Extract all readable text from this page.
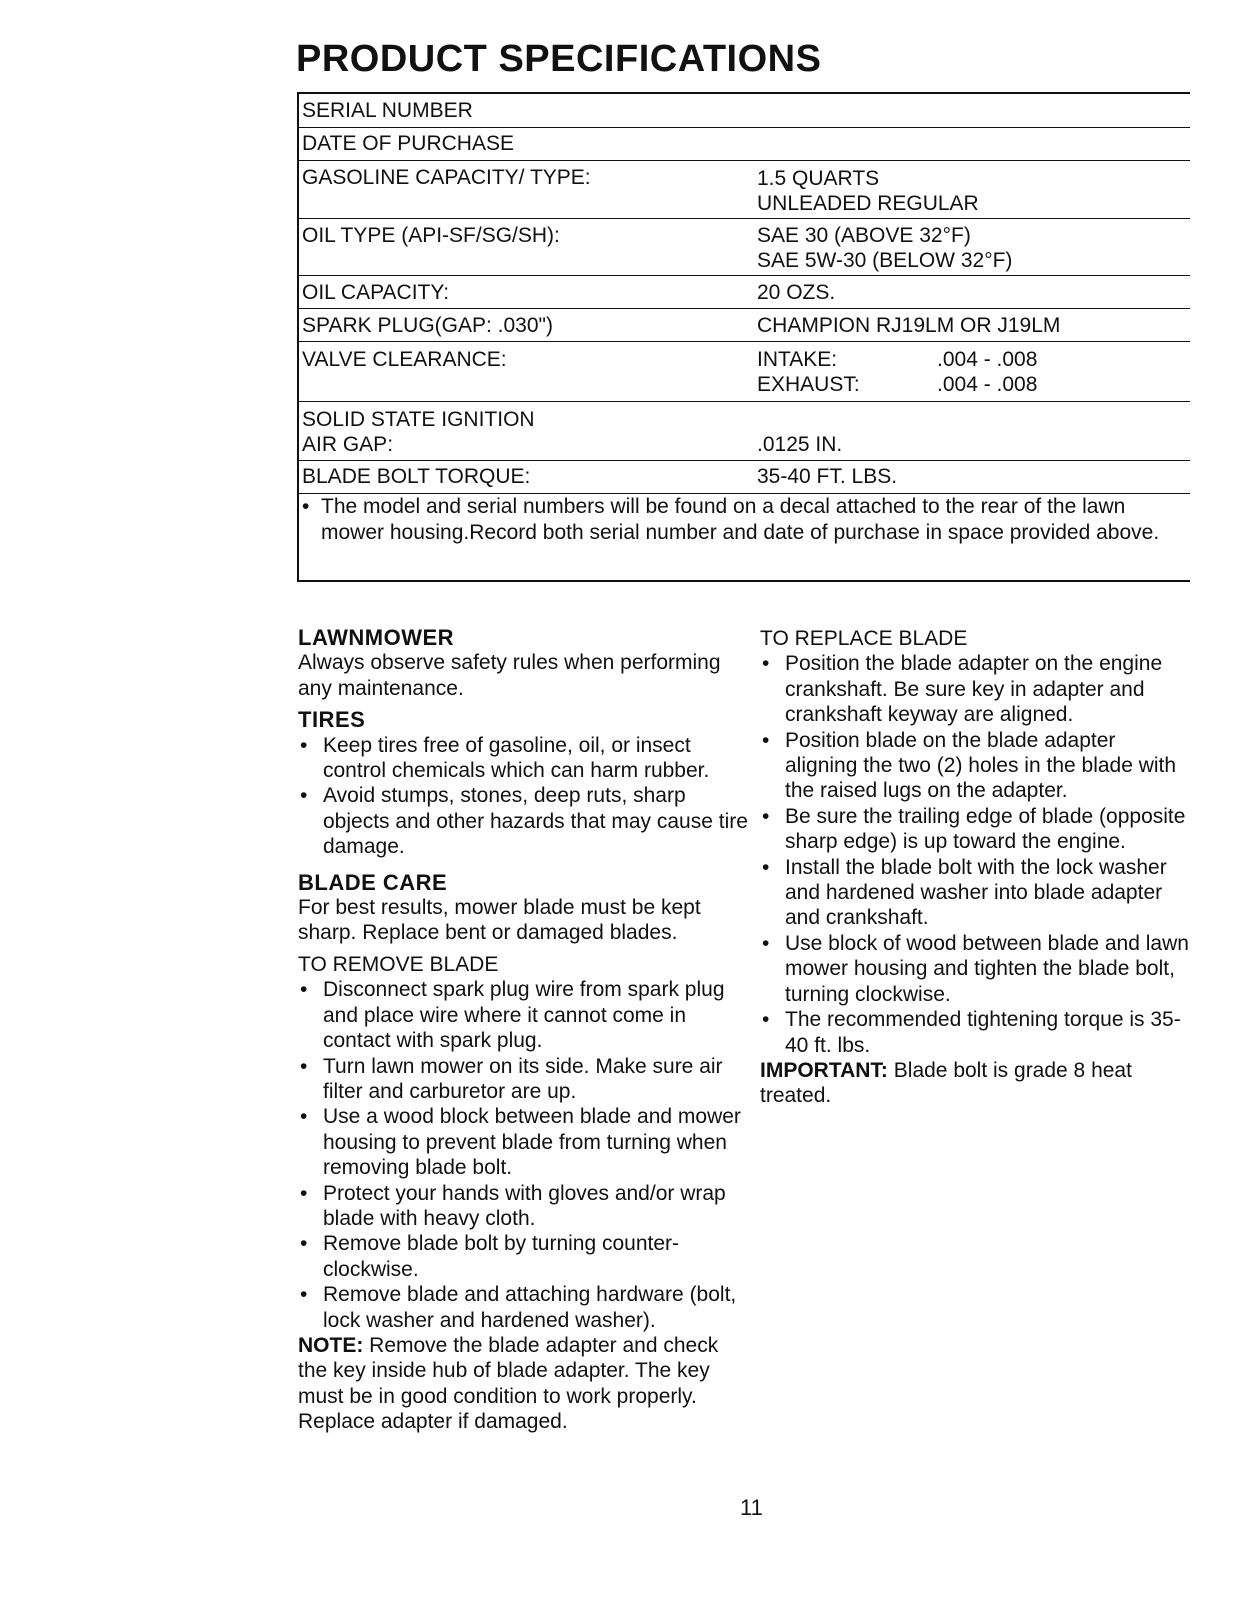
PRODUCT SPECIFICATIONS
SERIAL NUMBER
DATE OF PURCHASE
GASOLINE CAPACITY/ TYPE:	1.5 QUARTS
UNLEADED REGULAR
OIL TYPE (API-SF/SG/SH):	SAE 30 (ABOVE 32°F)
SAE 5W-30 (BELOW 32°F)
OIL CAPACITY:	20 OZS.
SPARK PLUG(GAP: .030")	CHAMPION RJ19LM OR J19LM
VALVE CLEARANCE:	INTAKE:	.004 - .008
EXHAUST:	.004 - .008
SOLID STATE IGNITION
AIR GAP:	.0125 IN.
BLADE BOLT TORQUE:	35-40 FT. LBS.
• The model and serial numbers will be found on a decal attached to the rear of the lawn mower housing.Record both serial number and date of purchase in space provided above.
LAWNMOWER

Always observe safety rules when performing any maintenance.

TIRES
• Keep tires free of gasoline, oil, or insect control chemicals which can harm rubber.
• Avoid stumps, stones, deep ruts, sharp objects and other hazards that may cause tire damage.
BLADE CARE

For best results, mower blade must be kept sharp. Replace bent or damaged blades.

TO REMOVE BLADE
• Disconnect spark plug wire from spark plug and place wire where it cannot come in contact with spark plug.
• Turn lawn mower on its side. Make sure air filter and carburetor are up.
• Use a wood block between blade and mower housing to prevent blade from turning when removing blade bolt.
• Protect your hands with gloves and/or wrap blade with heavy cloth.
• Remove blade bolt by turning counter-clockwise.
• Remove blade and attaching hardware (bolt, lock washer and hardened washer).

NOTE: Remove the blade adapter and check the key inside hub of blade adapter. The key must be in good condition to work properly. Replace adapter if damaged.

TO REPLACE BLADE
• Position the blade adapter on the engine crankshaft. Be sure key in adapter and crankshaft keyway are aligned.
• Position blade on the blade adapter aligning the two (2) holes in the blade with the raised lugs on the adapter.
• Be sure the trailing edge of blade (opposite sharp edge) is up toward the engine.
• Install the blade bolt with the lock washer and hardened washer into blade adapter and crankshaft.
• Use block of wood between blade and lawn mower housing and tighten the blade bolt, turning clockwise.
• The recommended tightening torque is 35-40 ft. lbs.

IMPORTANT: Blade bolt is grade 8 heat treated.

11
